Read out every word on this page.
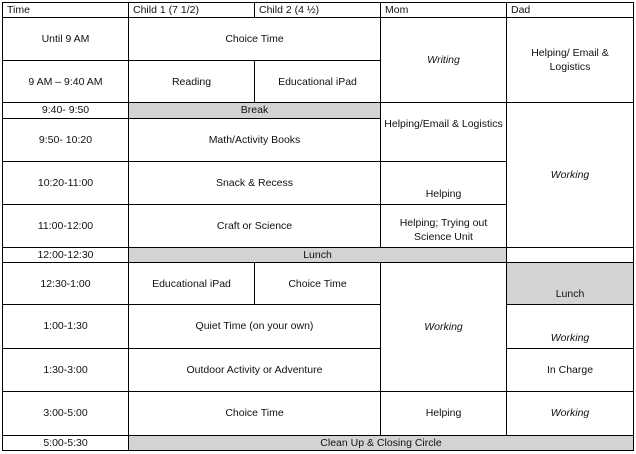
Time	Child 1 (7 1/2)	Child 2 (4 ½)	Mom	Dad
Until 9 AM	Choice Time		Writing	Helping/ Email & Logistics
9 AM – 9:40 AM	Reading	Educational iPad		
9:40- 9:50	Break		Helping/Email & Logistics	Working
9:50- 10:20	Math/Activity Books			
10:20-11:00	Snack & Recess		Helping	
11:00-12:00	Craft or Science		Helping; Trying out Science Unit	
12:00-12:30	Lunch			
12:30-1:00	Educational iPad	Choice Time	Working	Lunch
1:00-1:30	Quiet Time (on your own)			Working
1:30-3:00	Outdoor Activity or Adventure			In Charge
3:00-5:00	Choice Time		Helping	Working
5:00-5:30	Clean Up & Closing Circle			
